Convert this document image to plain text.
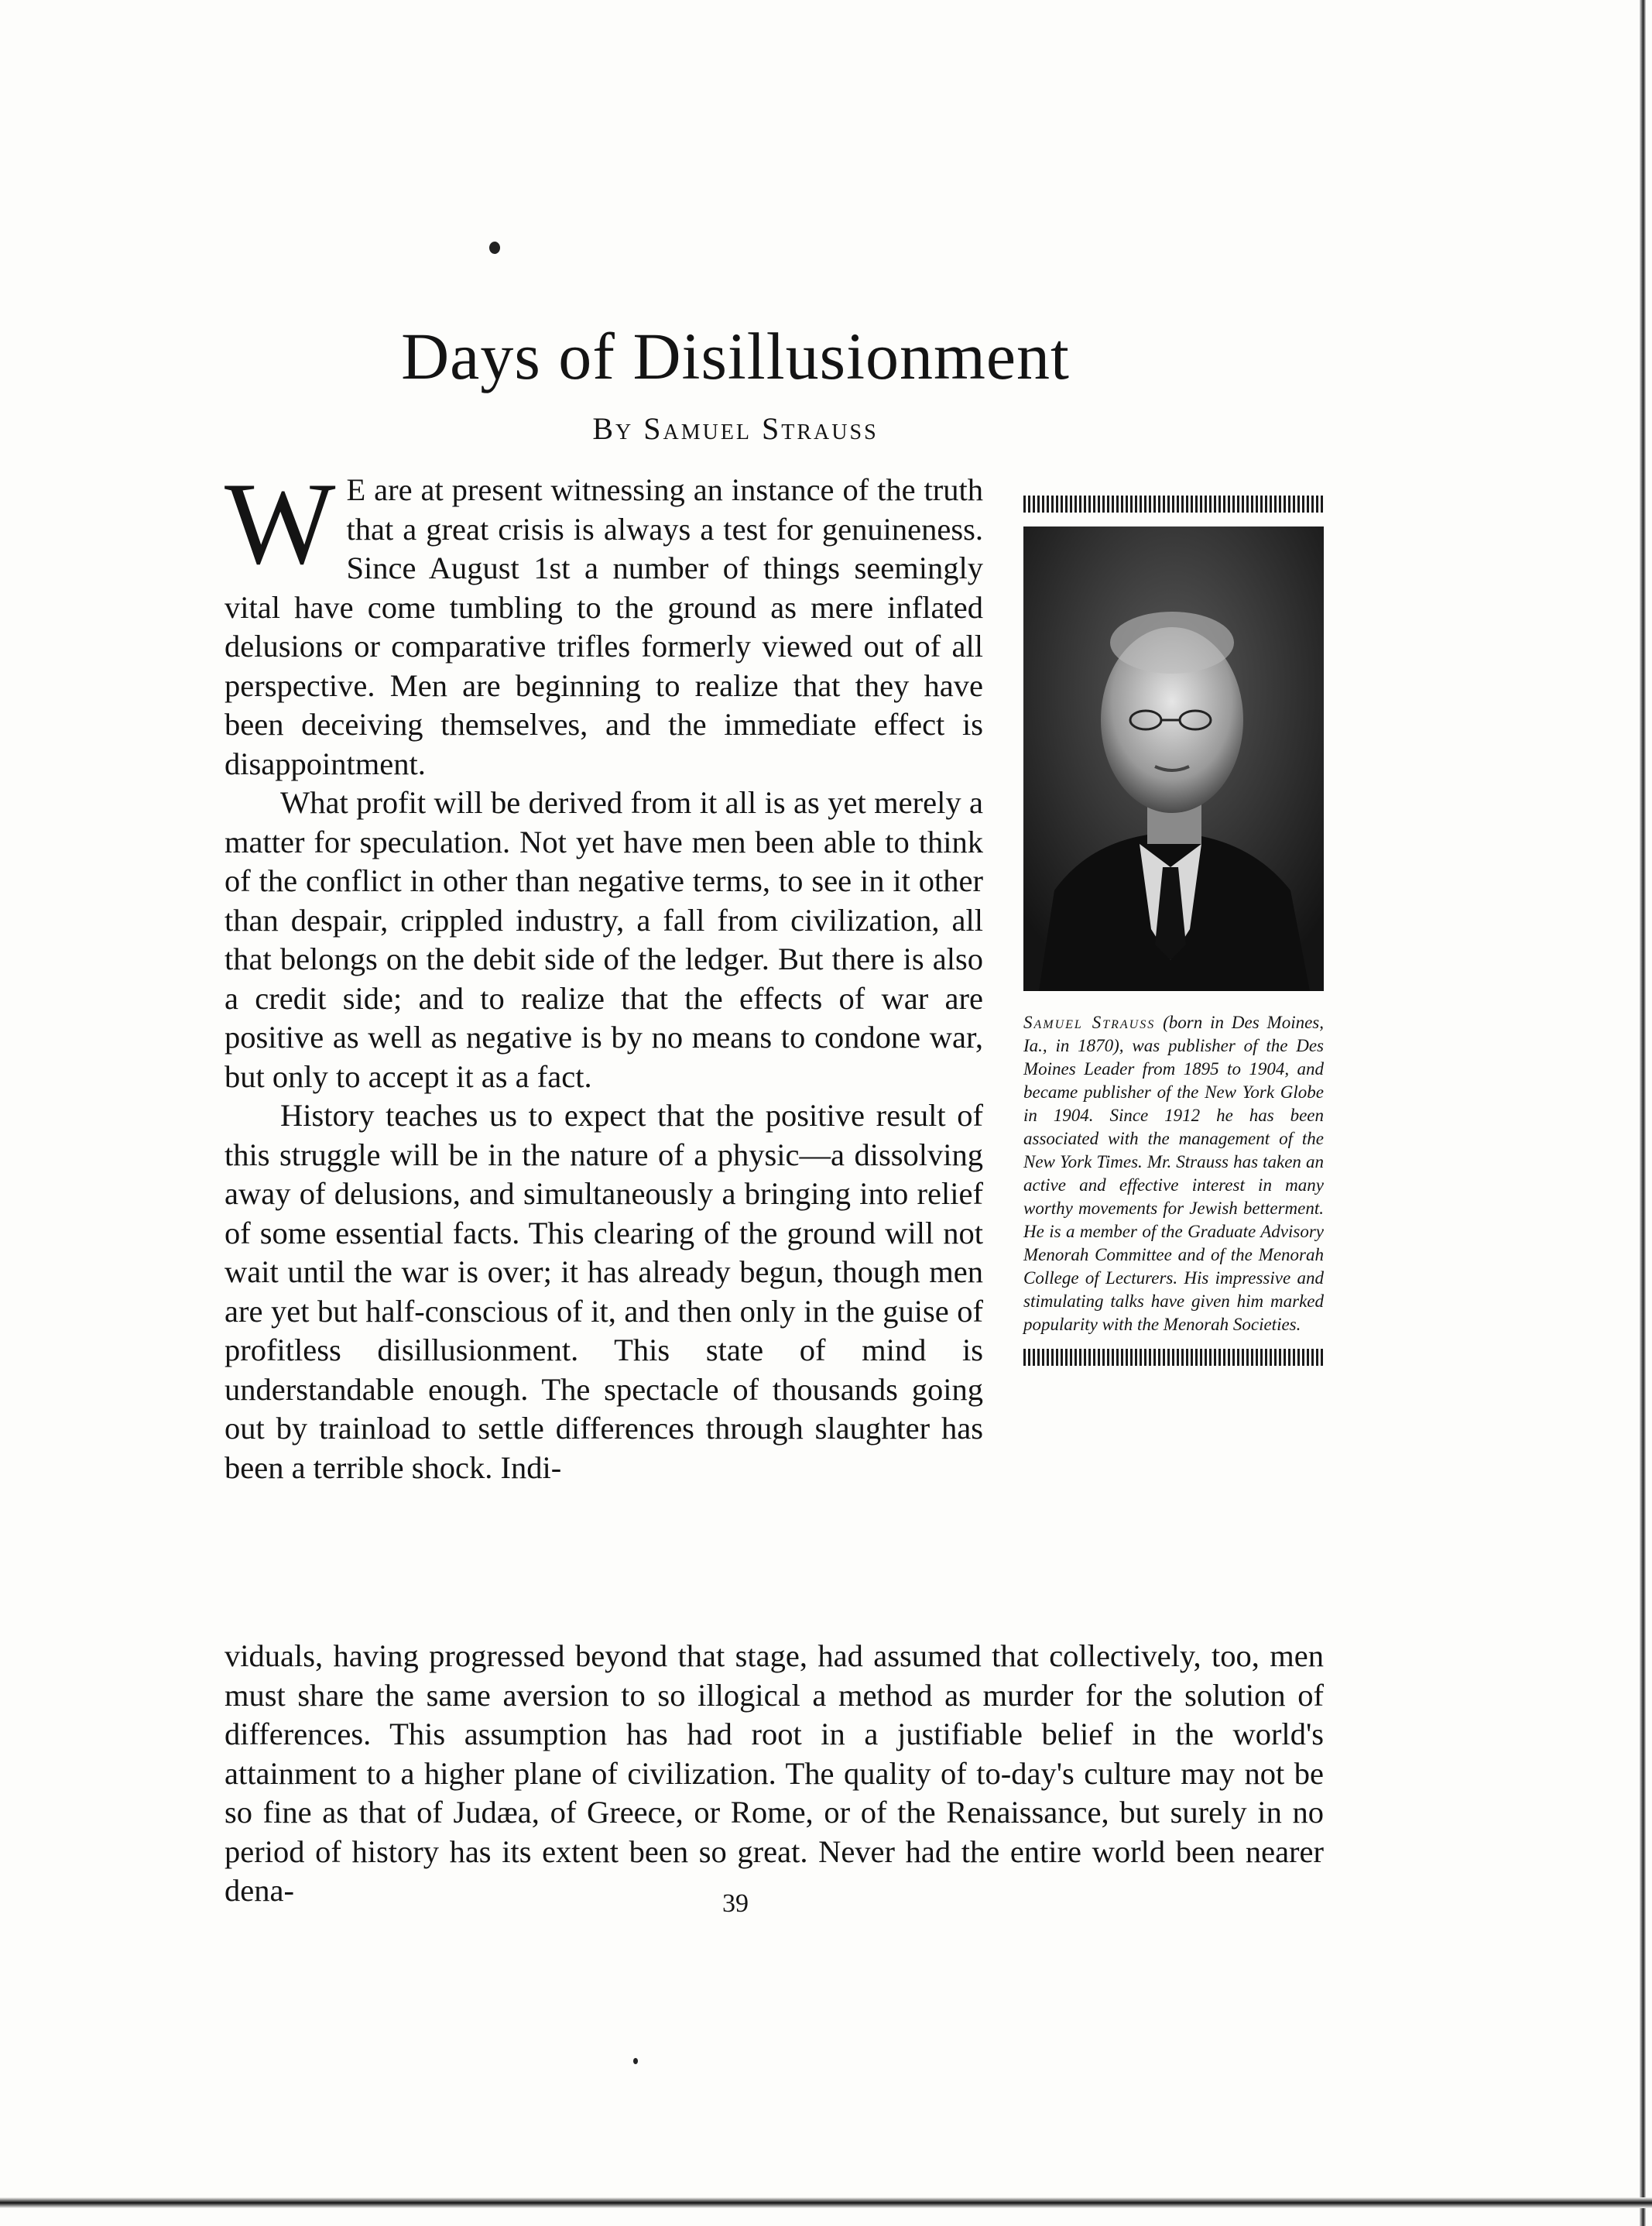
Days of Disillusionment
By Samuel Strauss

W E are at present witnessing an instance of the truth that a great crisis is always a test for genuineness. Since August 1st a number of things seemingly vital have come tumbling to the ground as mere inflated delusions or comparative trifles formerly viewed out of all perspective. Men are beginning to realize that they have been deceiving themselves, and the immediate effect is disappointment.

What profit will be derived from it all is as yet merely a matter for speculation. Not yet have men been able to think of the conflict in other than negative terms, to see in it other than despair, crippled industry, a fall from civilization, all that belongs on the debit side of the ledger. But there is also a credit side; and to realize that the effects of war are positive as well as negative is by no means to condone war, but only to accept it as a fact.

History teaches us to expect that the positive result of this struggle will be in the nature of a physic—a dissolving away of delusions, and simultaneously a bringing into relief of some essential facts. This clearing of the ground will not wait until the war is over; it has already begun, though men are yet but half-conscious of it, and then only in the guise of profitless disillusionment. This state of mind is understandable enough. The spectacle of thousands going out by trainload to settle differences through slaughter has been a terrible shock. Indi-

viduals, having progressed beyond that stage, had assumed that collectively, too, men must share the same aversion to so illogical a method as murder for the solution of differences. This assumption has had root in a justifiable belief in the world's attainment to a higher plane of civilization. The quality of to-day's culture may not be so fine as that of Judæa, of Greece, or Rome, or of the Renaissance, but surely in no period of history has its extent been so great. Never had the entire world been nearer dena-

Samuel Strauss (born in Des Moines, Ia., in 1870), was publisher of the Des Moines Leader from 1895 to 1904, and became publisher of the New York Globe in 1904. Since 1912 he has been associated with the management of the New York Times. Mr. Strauss has taken an active and effective interest in many worthy movements for Jewish betterment. He is a member of the Graduate Advisory Menorah Committee and of the Menorah College of Lecturers. His impressive and stimulating talks have given him marked popularity with the Menorah Societies.
39
